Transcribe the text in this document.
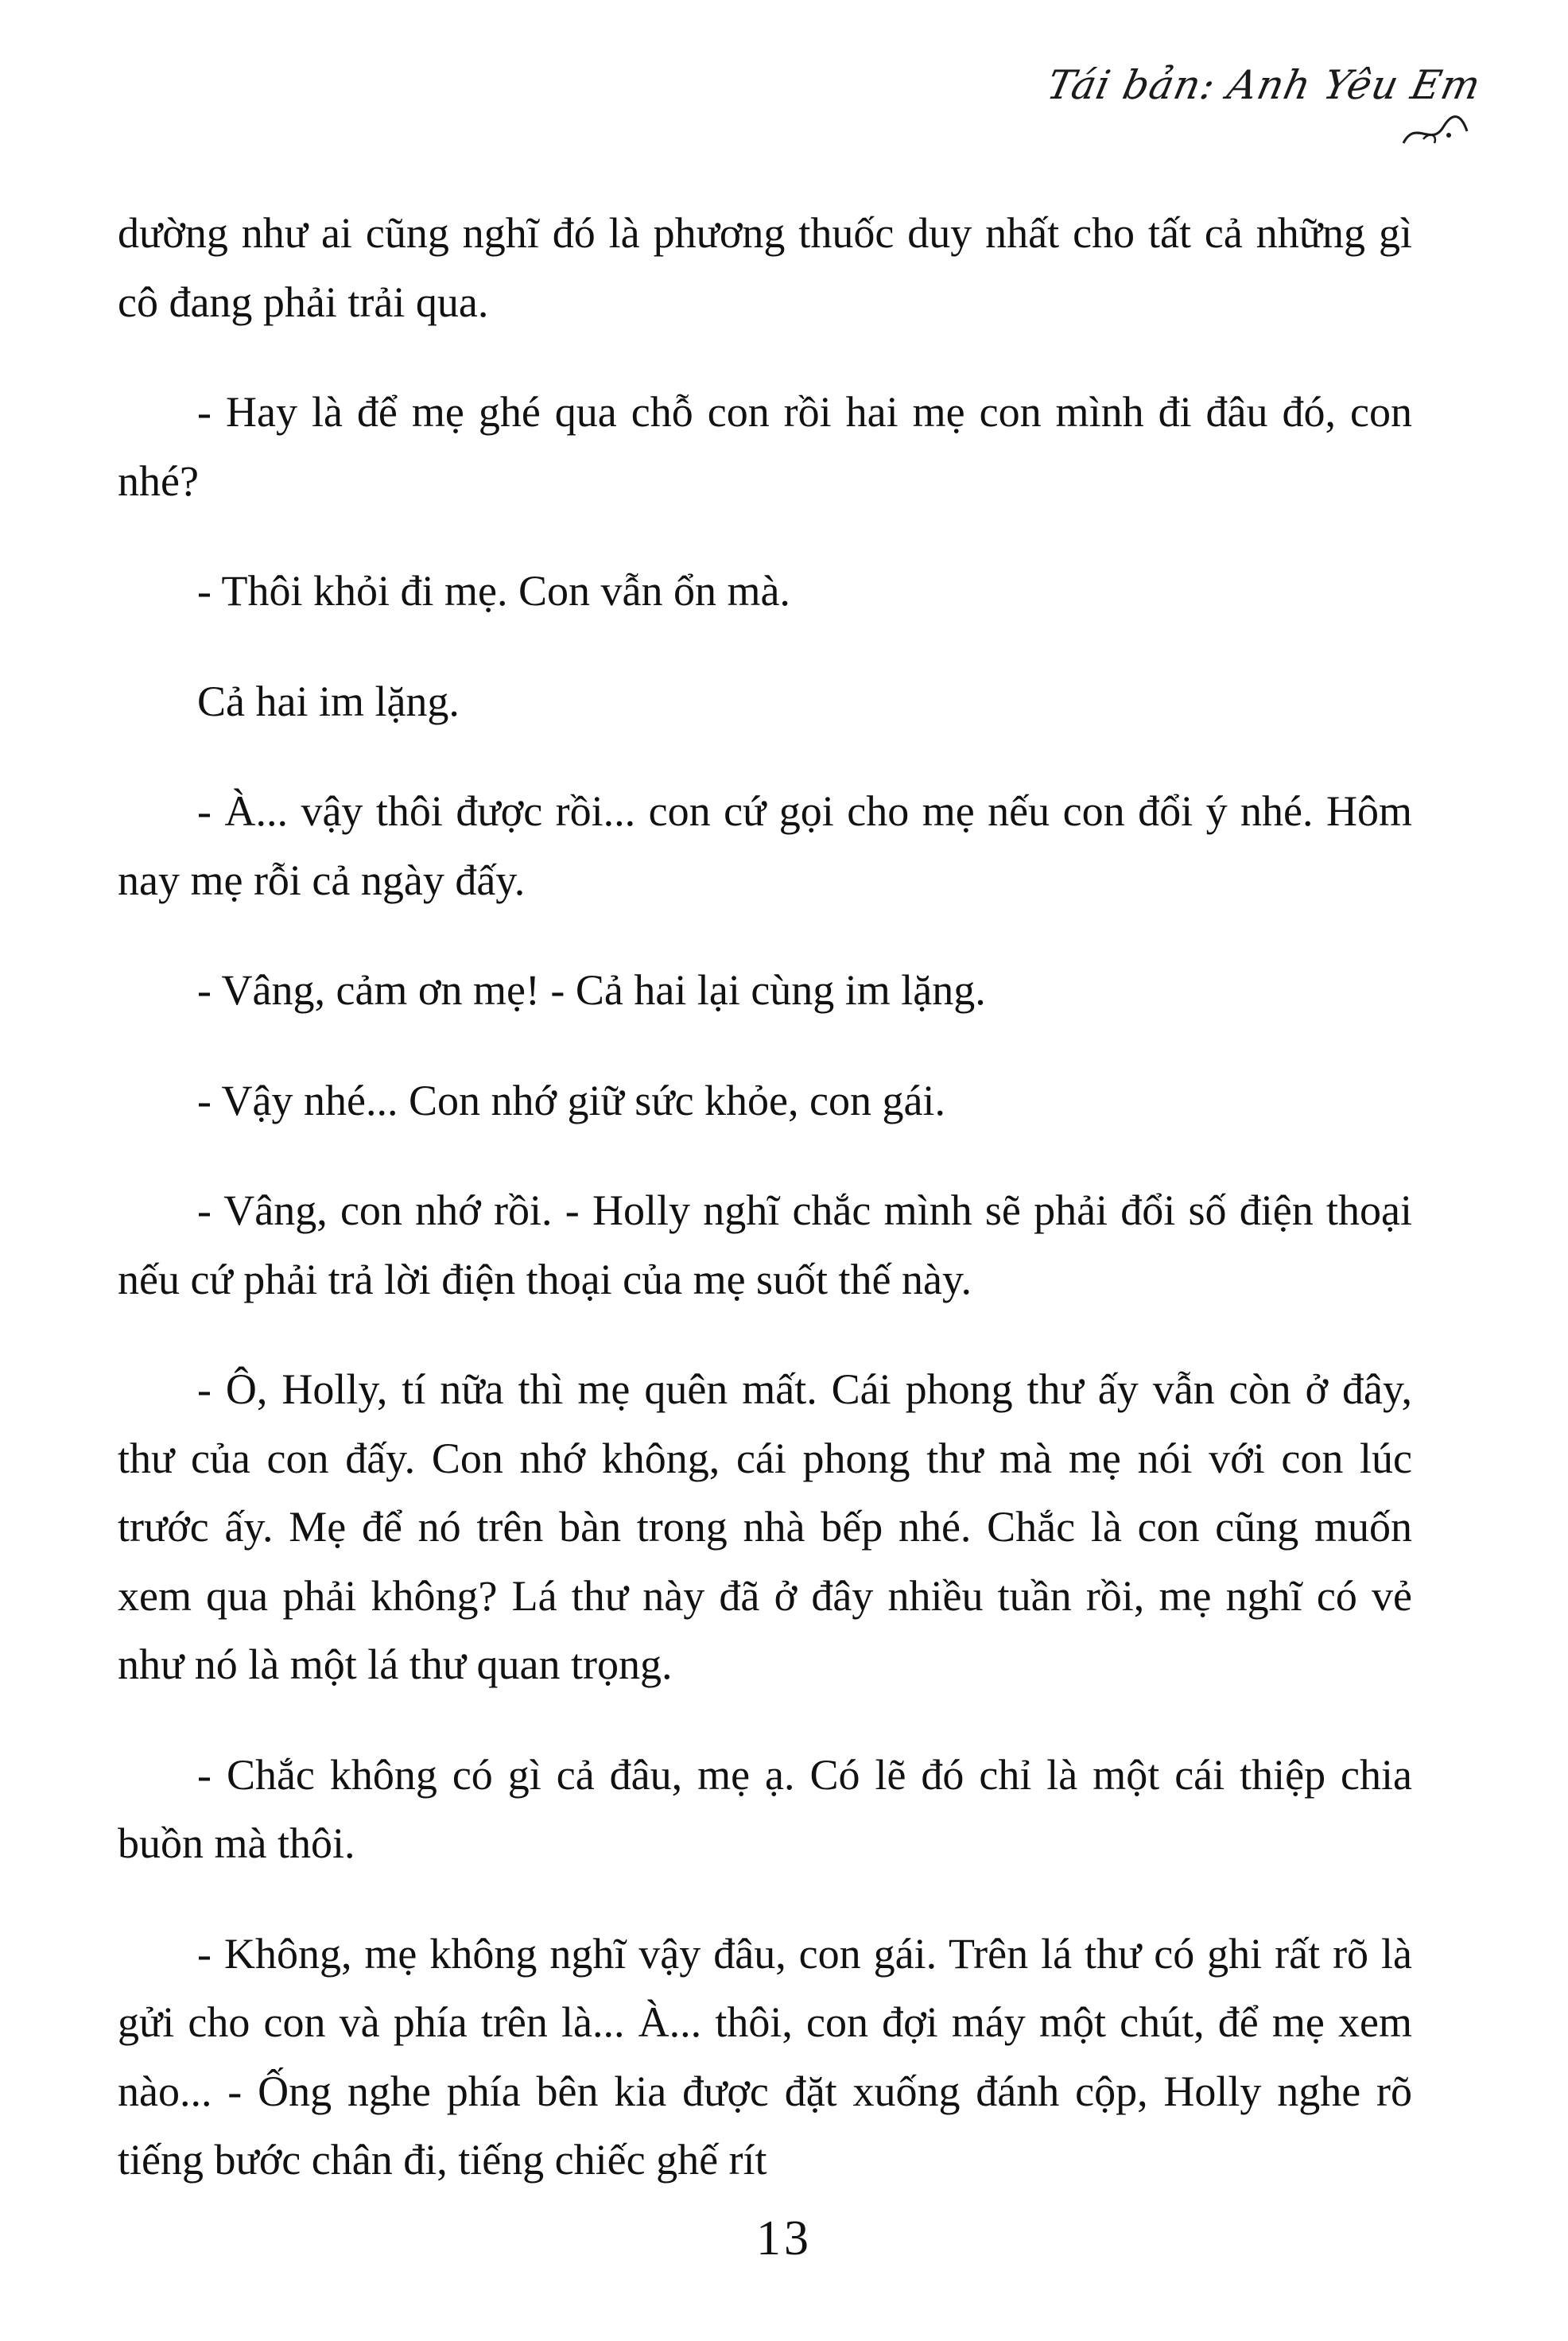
Tái bản: Anh Yêu Em

dường như ai cũng nghĩ đó là phương thuốc duy nhất cho tất cả những gì cô đang phải trải qua.

- Hay là để mẹ ghé qua chỗ con rồi hai mẹ con mình đi đâu đó, con nhé?

- Thôi khỏi đi mẹ. Con vẫn ổn mà.

Cả hai im lặng.

- À... vậy thôi được rồi... con cứ gọi cho mẹ nếu con đổi ý nhé. Hôm nay mẹ rỗi cả ngày đấy.

- Vâng, cảm ơn mẹ! - Cả hai lại cùng im lặng.

- Vậy nhé... Con nhớ giữ sức khỏe, con gái.

- Vâng, con nhớ rồi. - Holly nghĩ chắc mình sẽ phải đổi số điện thoại nếu cứ phải trả lời điện thoại của mẹ suốt thế này.

- Ô, Holly, tí nữa thì mẹ quên mất. Cái phong thư ấy vẫn còn ở đây, thư của con đấy. Con nhớ không, cái phong thư mà mẹ nói với con lúc trước ấy. Mẹ để nó trên bàn trong nhà bếp nhé. Chắc là con cũng muốn xem qua phải không? Lá thư này đã ở đây nhiều tuần rồi, mẹ nghĩ có vẻ như nó là một lá thư quan trọng.

- Chắc không có gì cả đâu, mẹ ạ. Có lẽ đó chỉ là một cái thiệp chia buồn mà thôi.

- Không, mẹ không nghĩ vậy đâu, con gái. Trên lá thư có ghi rất rõ là gửi cho con và phía trên là... À... thôi, con đợi máy một chút, để mẹ xem nào... - Ống nghe phía bên kia được đặt xuống đánh cộp, Holly nghe rõ tiếng bước chân đi, tiếng chiếc ghế rít

13
